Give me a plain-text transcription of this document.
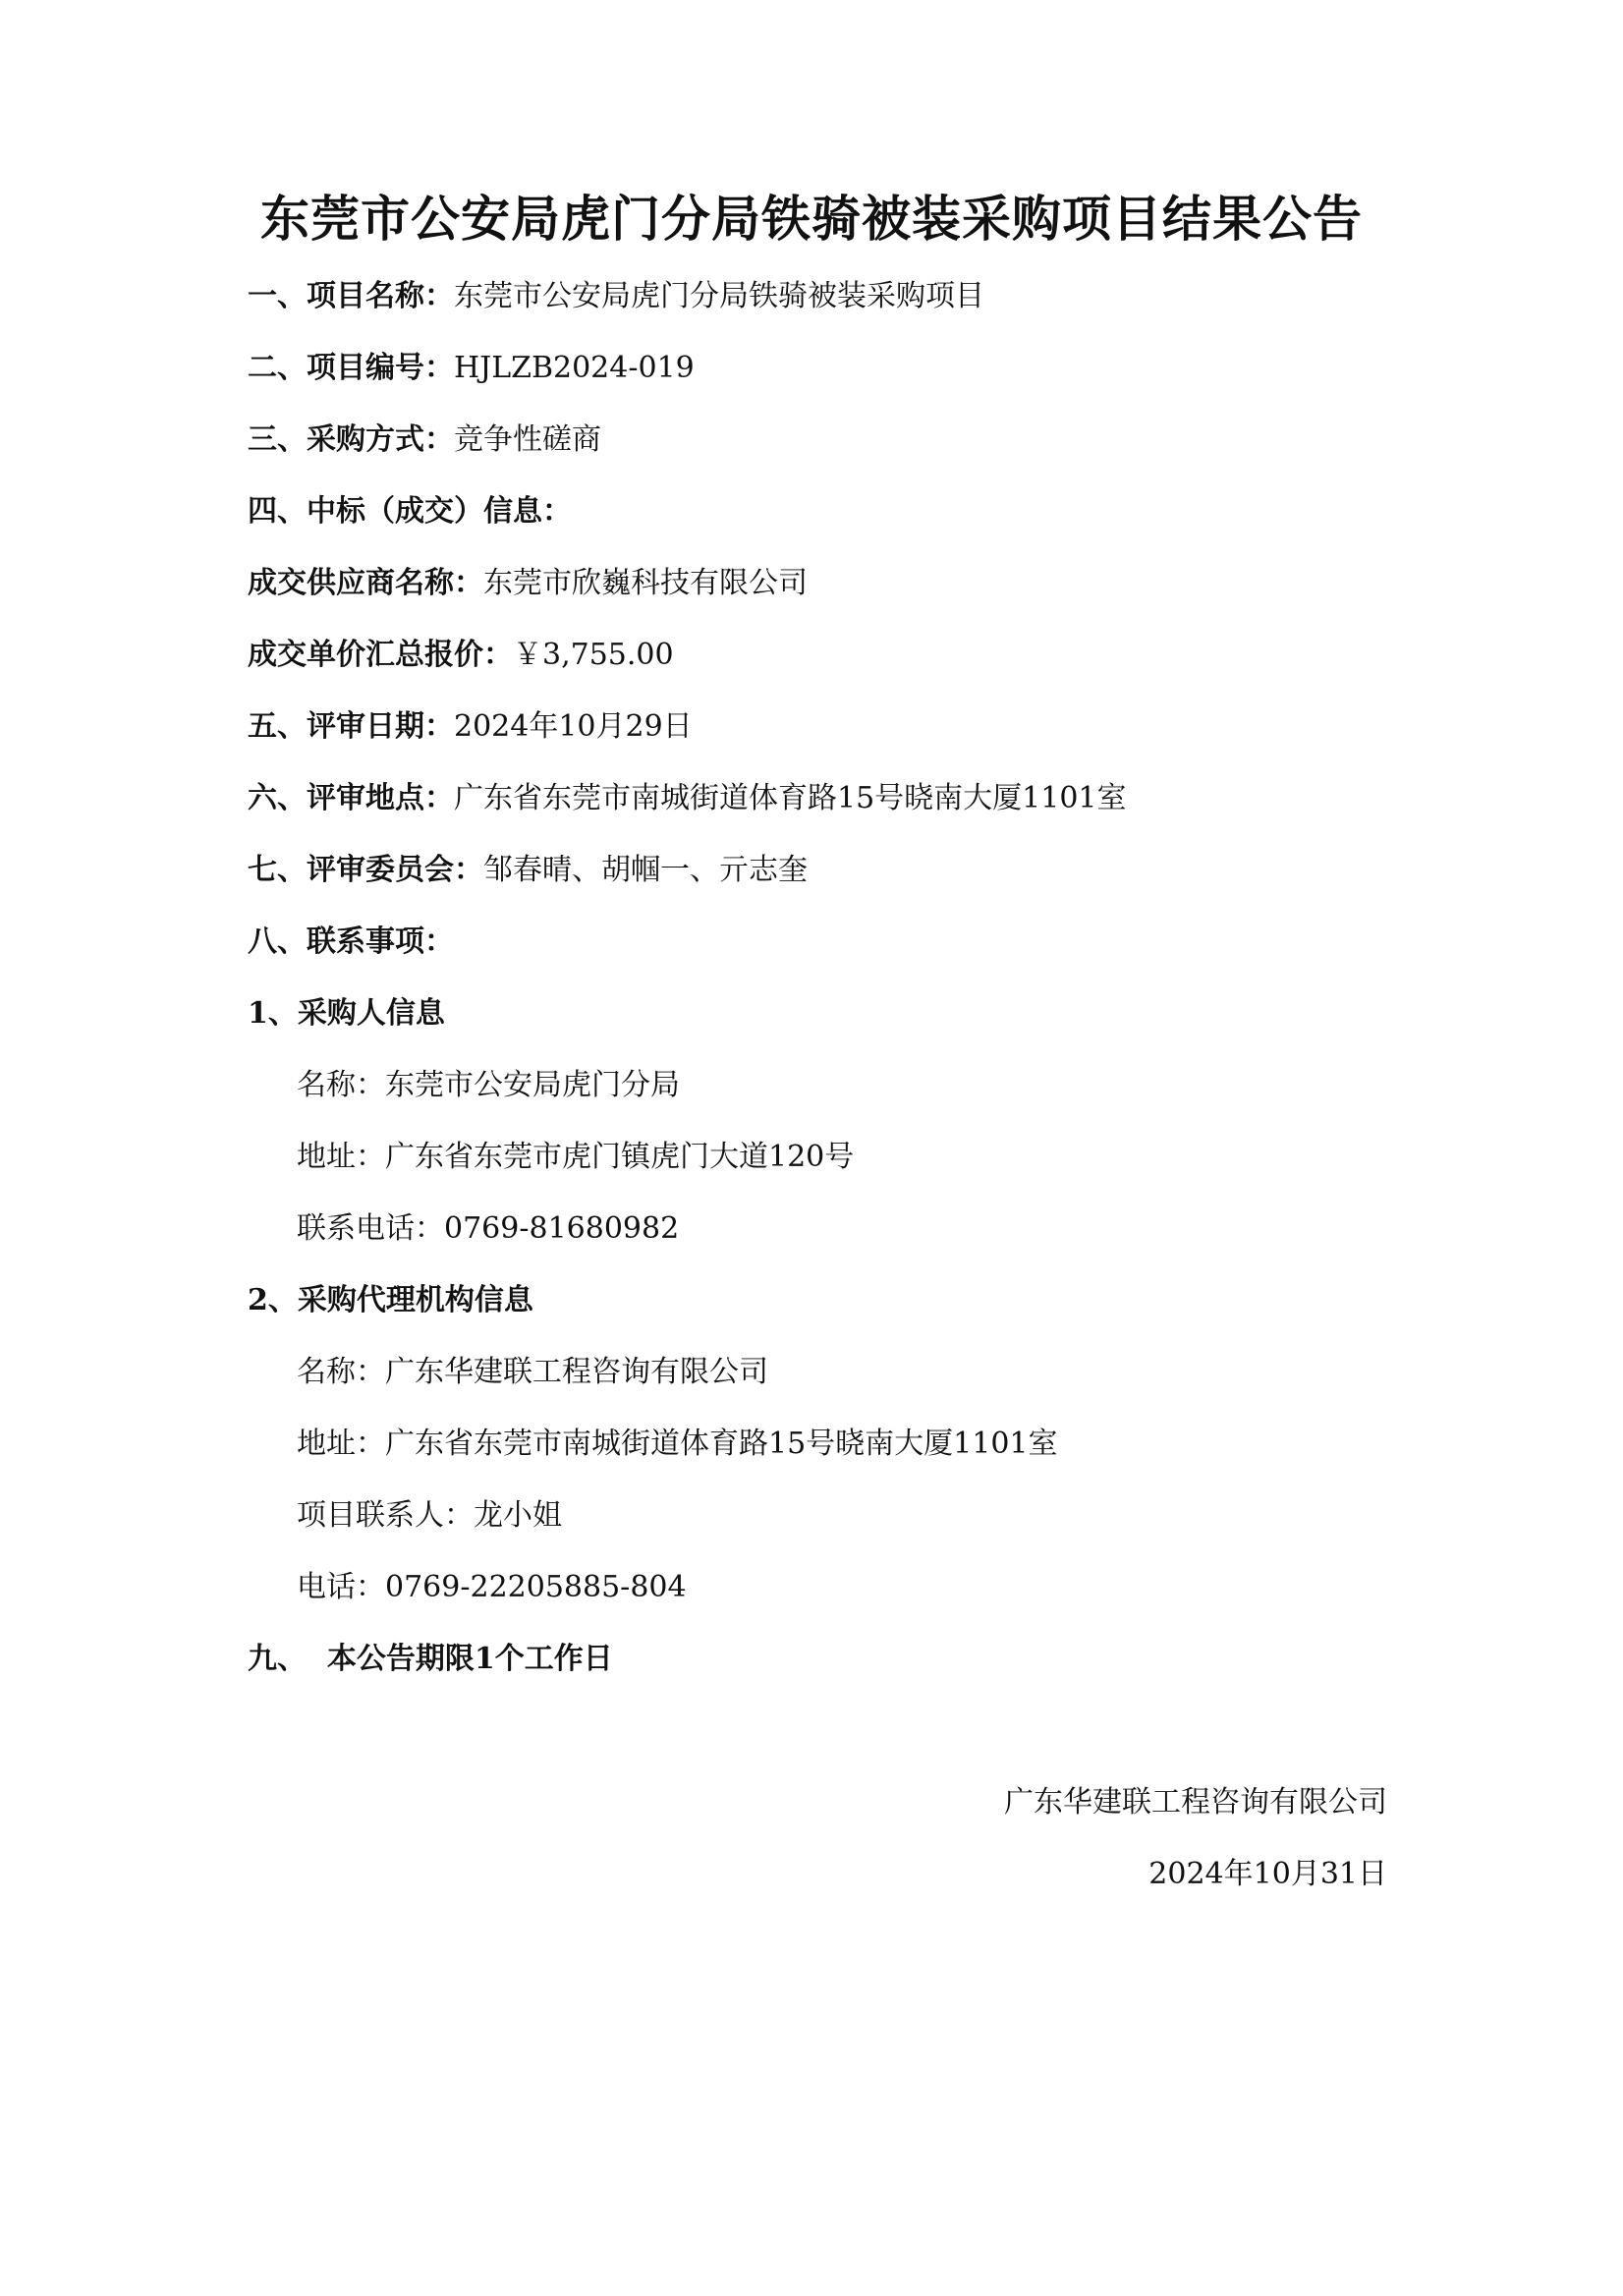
东莞市公安局虎门分局铁骑被装采购项目结果公告
一、项目名称：东莞市公安局虎门分局铁骑被装采购项目
二、项目编号：HJLZB2024-019
三、采购方式：竞争性磋商
四、中标（成交）信息：
成交供应商名称：东莞市欣巍科技有限公司
成交单价汇总报价：￥3,755.00
五、评审日期：2024年10月29日
六、评审地点：广东省东莞市南城街道体育路15号晓南大厦1101室
七、评审委员会：邹春晴、胡帼一、亓志奎
八、联系事项：
1、采购人信息
名称：东莞市公安局虎门分局
地址：广东省东莞市虎门镇虎门大道120号
联系电话：0769-81680982
2、采购代理机构信息
名称：广东华建联工程咨询有限公司
地址：广东省东莞市南城街道体育路15号晓南大厦1101室
项目联系人：龙小姐
电话：0769-22205885-804
九、  本公告期限1个工作日
广东华建联工程咨询有限公司
2024年10月31日
